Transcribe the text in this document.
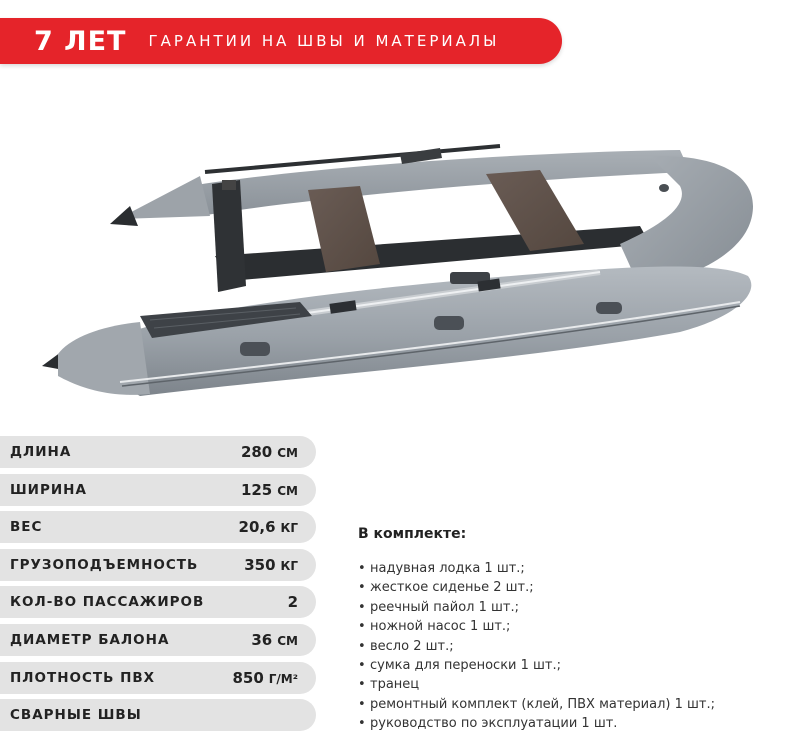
7 ЛЕТ ГАРАНТИИ НА ШВЫ И МАТЕРИАЛЫ
ДЛИНА	280 СМ
ШИРИНА	125 СМ
ВЕС	20,6 КГ
ГРУЗОПОДЪЕМНОСТЬ	350 КГ
КОЛ-ВО ПАССАЖИРОВ	2
ДИАМЕТР БАЛОНА	36 СМ
ПЛОТНОСТЬ ПВХ	850 Г/М²
СВАРНЫЕ ШВЫ
В комплекте:
• надувная лодка 1 шт.;
• жесткое сиденье 2 шт.;
• реечный пайол 1 шт.;
• ножной насос 1 шт.;
• весло 2 шт.;
• сумка для переноски 1 шт.;
• транец
• ремонтный комплект (клей, ПВХ материал) 1 шт.;
• руководство по эксплуатации 1 шт.
